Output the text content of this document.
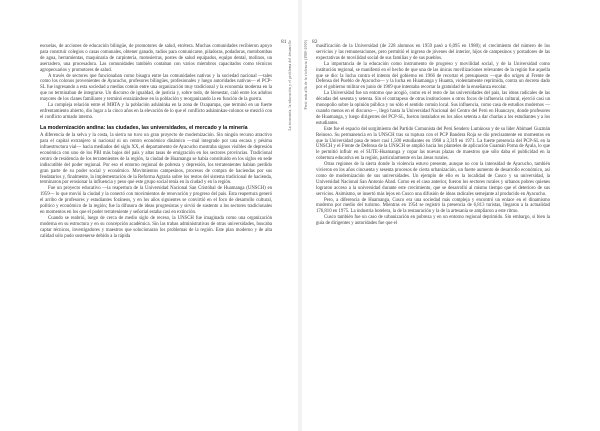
81 La economía, la educación y el problema del desarrollo

escuelas, de acciones de educación bilingüe, de promotores de salud, etcétera. Muchas comunidades recibieron apoyo para construir colegios o casas comunales, obtener ganado, radios para comunicarse, piladoras, podadoras, motobombas de agua, herramientas, maquinaria de carpintería, motosierras, postes de salud equipados, equipo dental, molinos, un aserradero, una procesadora. Las comunidades también contaban con varios miembros capacitados como técnicos agropecuarios y promotores de salud.

A través de sectores que funcionaban como bisagra entre las comunidades nativas y la sociedad nacional —tales como los colonos provenientes de Ayacucho, profesores bilingües, profesionales y luego autoridades nativas— el PCP-SL fue ingresando a esta sociedad a medias común entre una organización muy tradicional y la economía moderna en la que no terminaban de integrarse. Un discurso de igualdad, de justicia y, sobre todo, de bienestar, caló entre los adultos mayores de los clanes familiares y terminó enraizándose en la población y reorganizando la en función de la guerra.

La compleja relación entre el MRTA y la población asháninka en la zona de Oxapampa, que terminó en un fuerte enfrentamiento abierto, dio lugar a la cinco años en la elevación de lo que el conflicto asháninkas-colonos se mezcló con el conflicto armado interno.

La modernización andina: las ciudades, las universidades, el mercado y la minería

A diferencia de la selva y la costa, la sierra no tuvo un gran proyecto de modernización. Sin ningún recurso atractivo para el capital extranjero ni nacional ni un centro económico dinámico —mal integrado por una escasa y pésima infraestructura vial— hacia mediados del siglo XX, el departamento de Ayacucho mostraba signos visibles de depresión económica con uno de los PBI más bajos del país y altas tasas de emigración en los sectores provincias. Tradicional centro de residencia de los terratenientes de la región, la ciudad de Huamanga se había constituido en los siglos en sede indiscutible del poder regional. Por eso el entorno regional de pobreza y depresión, los terratenientes habían perdido gran parte de su poder social y económico. Movimientos campesinos, procesos de compra de haciendas por sus feudatarios y, finalmente, la implementación de la Reforma Agraria sobre los restos del sistema tradicional de hacienda, terminaron por erosionar la influencia y peso que este grupo social tenía en la ciudad y en la región.

Fue un proyecto educativo —la reapertura de la Universidad Nacional San Cristóbal de Huamanga (UNSCH) en 1959— lo que movió la ciudad y la conectó con movimientos de renovación y progreso del país. Esta reapertura generó el arribo de profesores y estudiantes foráneos, y en los años siguientes se convirtió en el foco de desarrollo cultural, político y económico de la región; fue la difusora de ideas progresistas y sirvió de sustento a los sectores tradicionales en momentos en los que el poder terrateniente y señorial estaba casi en extinción.

Cuando se reabrió, luego de cerca de medio siglo de receso, la UNSCH fue imaginada como una organización moderna en su estructura y en su concepción académica. Sin las trabas administrativas de otras universidades, buscaba captar técnicos, investigadores y maestros que solucionaran los problemas de la región. Este plan moderno y de alta calidad sólo pudo sostenerse debido a la rápida

82
Perú: más allá de la violencia (1980-2000) masificación de la Universidad (de 228 alumnos en 1959 pasó a 6,095 en 1980); el crecimiento del número de los servicios y las remuneraciones, pero permitió el ingreso de jóvenes del interior, hijos de campesinos y portadores de las expectativas de movilidad social de sus familias y de sus pueblos.

La importancia de la educación como instrumento de progreso y movilidad social, y de la Universidad como institución regional, se manifestó en el hecho de que una de las únicas movilizaciones relevantes de la región fue aquella que se dio: la lucha contra el intento del gobierno en 1966 de recortar el presupuesto —que dio origen al Frente de Defensa del Pueblo de Ayacucho— y la lucha en Huamanga y Huanta, violentamente reprimida, contra un decreto dado por el gobierno militar en junio de 1969 que intentaba recortar la gratuidad de la enseñanza escolar.

La Universidad fue un entorno que acogió, como en el resto de las universidades del país, las ideas radicales de las décadas del sesenta y setenta. Sin el contrapeso de otras instituciones u otros focos de influencia cultural, ejerció casi un monopolio sobre la opinión pública y no sólo el sentido común local. Sus influencia, como casa de estudios modernos —cuando menos en el discurso—, llegó hasta la Universidad Nacional del Centro del Perú en Huancayo, donde profesores de Huamanga, y luego dirigentes del PCP-SL, fueron instalados en los años setenta a dar charlas a los estudiantes y a los estudiantes.

Este fue el espacio del surgimiento del Partido Comunista del Perú Sendero Luminoso y de su líder Abimael Guzmán Reinoso. Su permanencia en la UNSCH tras su ruptura con el PCP Bandera Roja se dio precisamente en momentos en que la Universidad pasa de tener casi 1,500 estudiantes en 1968 a 3,319 en 1971. La fuerte presencia del PCP-SL en la UNSCH y el Frente de Defensa de la UNSCH se amplió hacia los planteles de aplicación Guamán Poma de Ayala, lo que le permitió influir en el SUTE-Huamanga y copar las nuevas plazas de maestros que sólo daba el publicidad en la cobertura educativa en la región, particularmente en las áreas rurales.

Otras regiones de la sierra donde la violencia estuvo presente, aunque no con la intensidad de Ayacucho, también vivieron en los años cincuenta y sesenta procesos de cierta urbanización, un fuerte aumento de desarrollo económico, así como de modernización de sus universidades. Un ejemplo de ello es la localidad de Cusco y su universidad, la Universidad Nacional San Antonio Abad. Como en el caso anterior, fueron los sectores rurales y urbanos pobres quienes lograron acceso a la universidad durante este crecimiento, que se desarrolló al mismo tiempo que el deterioro de sus servicios. Asimismo, se insertó más lejos en Cusco una difusión de ideas radicales semejante al producido en Ayacucho.

Pero, a diferencia de Huamanga, Cusco era una sociedad más compleja y encontró un enlace en el dinamismo moderno por medio del turismo. Mientras en 1954 se registró la presencia de 6,813 turistas, llegaron a la actualidad 176,810 en 1975. La industria hotelera, la de la restauración y la de la artesanía se ampliaron a este ritmo.

Cusco también fue un caso de urbanización en pobreza y en un entorno regional deprimido. Sin embargo, si bien la guía de dirigentes y autoridades fue que el
